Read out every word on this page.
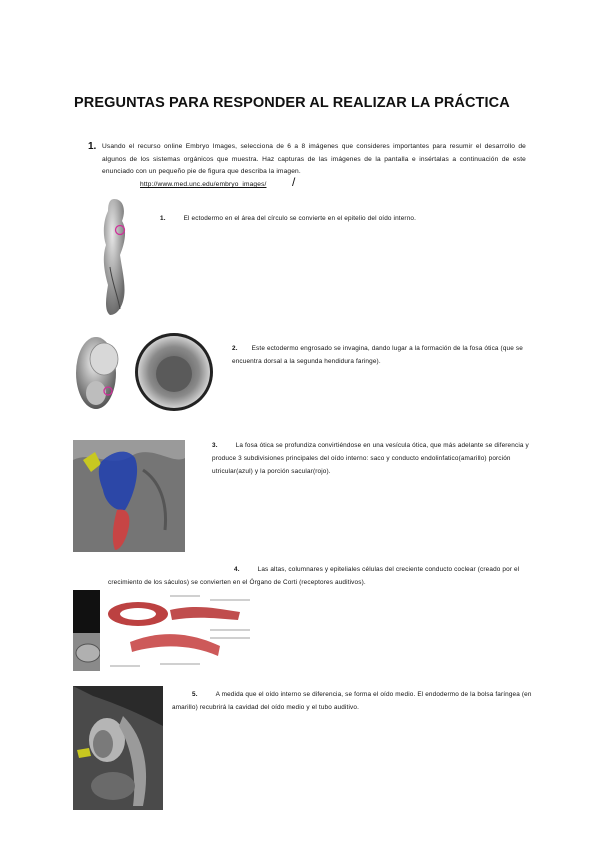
PREGUNTAS PARA RESPONDER AL REALIZAR LA PRÁCTICA
1. Usando el recurso online Embryo Images, selecciona de 6 a 8 imágenes que consideres importantes para resumir el desarrollo de algunos de los sistemas orgánicos que muestra. Haz capturas de las imágenes de la pantalla e insértalas a continuación de este enunciado con un pequeño pie de figura que describa la imagen.
http://www.med.unc.edu/embryo_images/ /
1.	El ectodermo en el área del círculo se convierte en el epitelio del oído interno.
2. Este ectodermo engrosado se invagina, dando lugar a la formación de la fosa ótica (que se encuentra dorsal a la segunda hendidura faringe).
3.	La fosa ótica se profundiza convirtiéndose en una vesícula ótica, que más adelante se diferencia y produce 3 subdivisiones principales del oído interno: saco y conducto endolinfatico(amarillo) porción utricular(azul) y la porción sacular(rojo).
4.	Las altas, columnares y epiteliales células del creciente conducto coclear (creado por el crecimiento de los sáculos) se convierten en el Órgano de Corti (receptores auditivos).
5.	A medida que el oído interno se diferencia, se forma el oído medio. El endodermo de la bolsa faríngea (en amarillo) recubrirá la cavidad del oído medio y el tubo auditivo.
